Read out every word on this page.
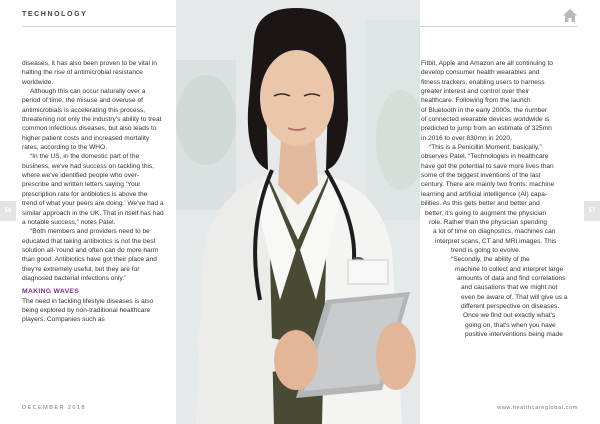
TECHNOLOGY

diseases, it has also been proven to be vital in halting the rise of antimicrobial resistance worldwide.

Although this can occur naturally over a period of time, the misuse and overuse of antimicrobials is accelerating this process, threatening not only the industry's ability to treat common infectious diseases, but also leads to higher patient costs and increased mortality rates, according to the WHO.

“In the US, in the domestic part of the business, we've had success on tackling this, where we've identified people who over-prescribe and written letters saying ‘Your prescription rate for antibiotics is above the trend of what your peers are doing.’ We've had a similar approach in the UK. That in itself has had a notable success,” notes Patel.

“Both members and providers need to be educated that taking antibiotics is not the best solution all-’round and often can do more harm than good. Antibiotics have got their place and they're extremely useful, but they are for diagnosed bacterial infections only.”

MAKING WAVES

The need in tackling lifestyle diseases is also being explored by non-traditional healthcare players. Companies such as

Fitbit, Apple and Amazon are all continuing to

develop consumer health wearables and

fitness trackers, enabling users to harness

greater interest and control over their

healthcare. Following from the launch

of Bluetooth in the early 2000s, the number

of connected wearable devices worldwide is

predicted to jump from an estimate of 325mn

in 2016 to over 830mn in 2020.

“This is a Penicillin Moment, basically,”

observes Patel. “Technologies in healthcare

have got the potential to save more lives than

some of the biggest inventions of the last

century. There are mainly two fronts: machine

learning and artificial intelligence (AI) capa-

bilities. As this gets better and better and

better, it's going to augment the physician

role. Rather than the physician spending

a lot of time on diagnostics, machines can

interpret scans, CT and MRI images. This

trend is going to evolve.

“Secondly, the ability of the

machine to collect and interpret large

amounts of data and find correlations

and causations that we might not

even be aware of. That will give us a

different perspective on diseases.

Once we find out exactly what's

going on, that's when you have

positive interventions being made

56	57
DECEMBER 2018	www.healthcareglobal.com
